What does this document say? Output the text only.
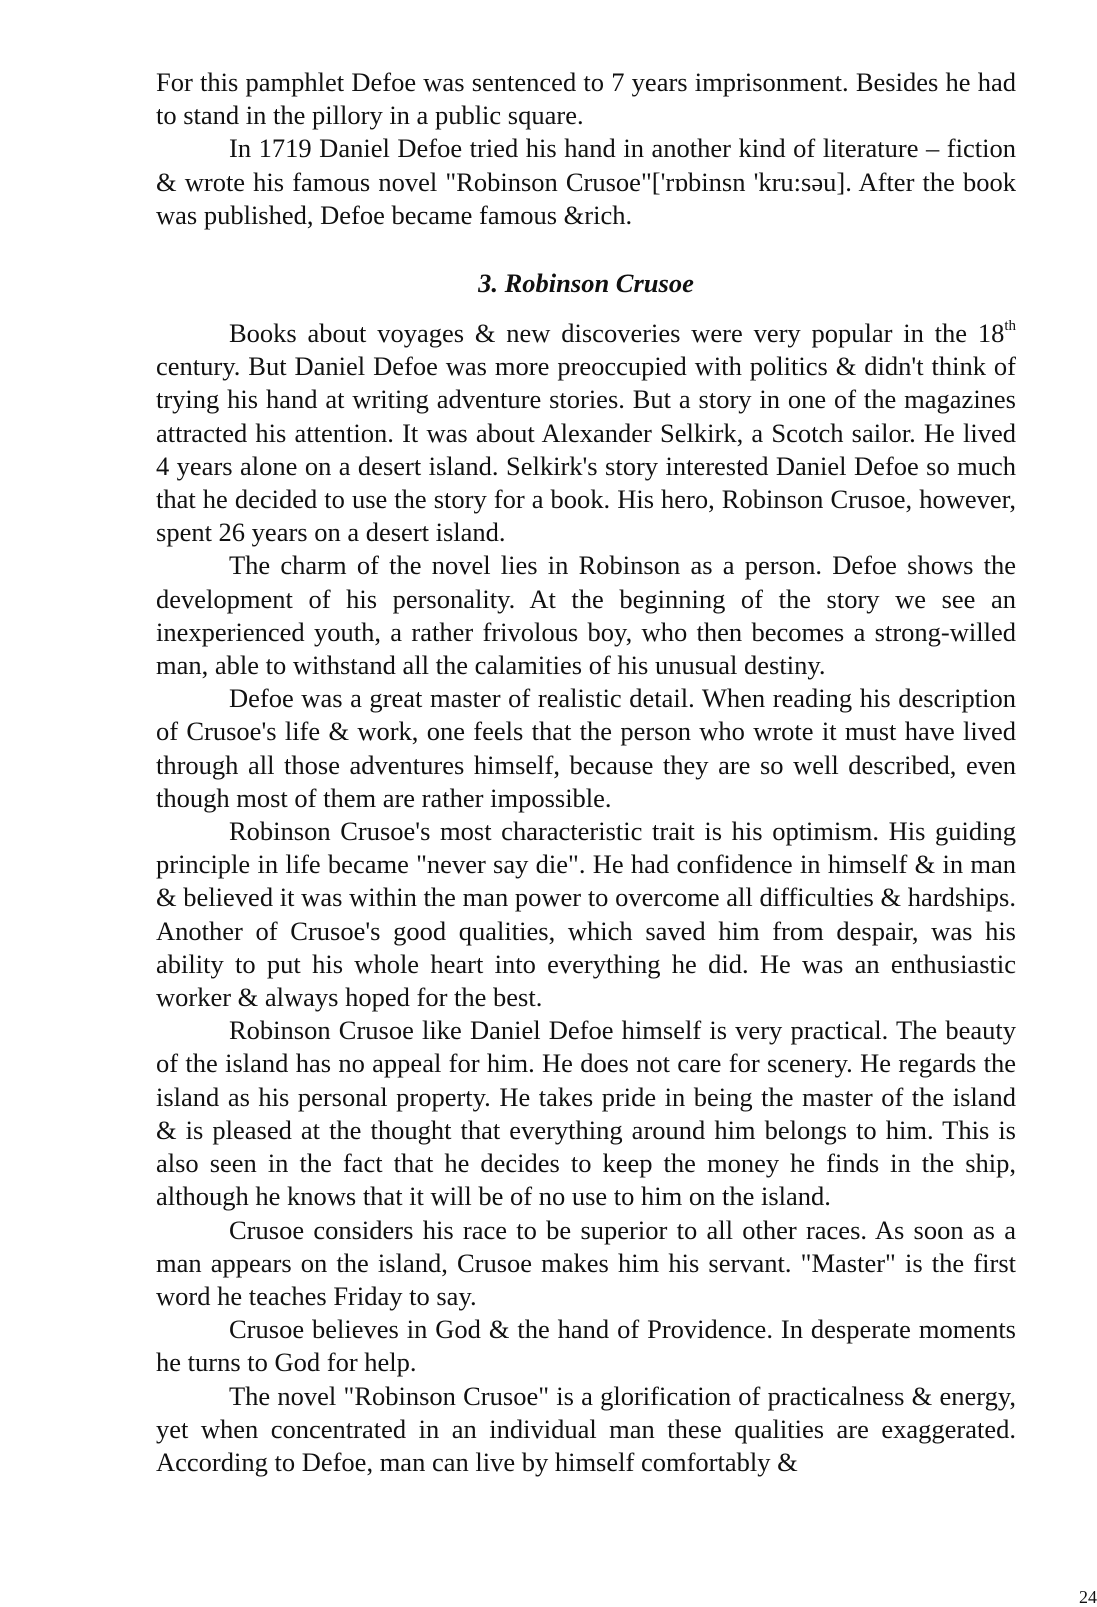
For this pamphlet Defoe was sentenced to 7 years imprisonment. Besides he had to stand in the pillory in a public square.

In 1719 Daniel Defoe tried his hand in another kind of literature – fiction & wrote his famous novel "Robinson Crusoe"['rɒbinsn 'kru:səu]. After the book was published, Defoe became famous &rich.

3. Robinson Crusoe

Books about voyages & new discoveries were very popular in the 18th century. But Daniel Defoe was more preoccupied with politics & didn't think of trying his hand at writing adventure stories. But a story in one of the magazines attracted his attention. It was about Alexander Selkirk, a Scotch sailor. He lived 4 years alone on a desert island. Selkirk's story interested Daniel Defoe so much that he decided to use the story for a book. His hero, Robinson Crusoe, however, spent 26 years on a desert island.

The charm of the novel lies in Robinson as a person. Defoe shows the development of his personality. At the beginning of the story we see an inexperienced youth, a rather frivolous boy, who then becomes a strong-willed man, able to withstand all the calamities of his unusual destiny.

Defoe was a great master of realistic detail. When reading his description of Crusoe's life & work, one feels that the person who wrote it must have lived through all those adventures himself, because they are so well described, even though most of them are rather impossible.

Robinson Crusoe's most characteristic trait is his optimism. His guiding principle in life became "never say die". He had confidence in himself & in man & believed it was within the man power to overcome all difficulties & hardships. Another of Crusoe's good qualities, which saved him from despair, was his ability to put his whole heart into everything he did. He was an enthusiastic worker & always hoped for the best.

Robinson Crusoe like Daniel Defoe himself is very practical. The beauty of the island has no appeal for him. He does not care for scenery. He regards the island as his personal property. He takes pride in being the master of the island & is pleased at the thought that everything around him belongs to him. This is also seen in the fact that he decides to keep the money he finds in the ship, although he knows that it will be of no use to him on the island.

Crusoe considers his race to be superior to all other races. As soon as a man appears on the island, Crusoe makes him his servant. "Master" is the first word he teaches Friday to say.

Crusoe believes in God & the hand of Providence. In desperate moments he turns to God for help.

The novel "Robinson Crusoe" is a glorification of practicalness & energy, yet when concentrated in an individual man these qualities are exaggerated. According to Defoe, man can live by himself comfortably &

24
